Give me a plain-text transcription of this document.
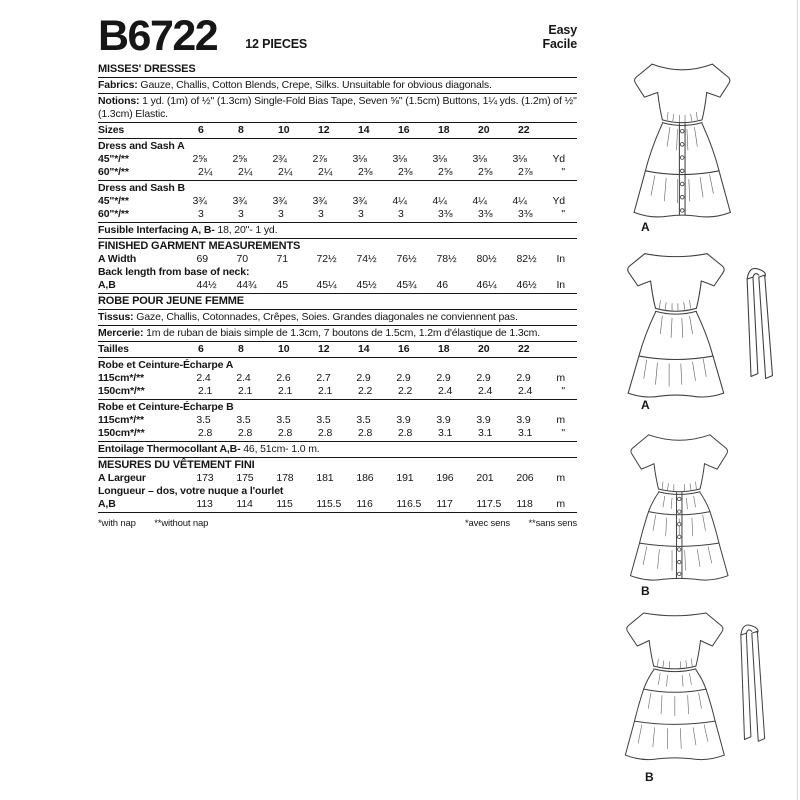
B6722 12 PIECES
Easy
Facile
MISSES' DRESSES
Fabrics: Gauze, Challis, Cotton Blends, Crepe, Silks. Unsuitable for obvious diagonals.
Notions: 1 yd. (1m) of ½" (1.3cm) Single-Fold Bias Tape, Seven ⅝" (1.5cm) Buttons, 1¼ yds. (1.2m) of ½" (1.3cm) Elastic.
Sizes	6	8	10	12	14	16	18	20	22
Dress and Sash A
45"*/**	2⅝	2⅝	2¾	2⅞	3⅛	3⅛	3⅛	3⅛	3⅛	Yd
60"*/**	2¼	2¼	2¼	2¼	2⅜	2⅜	2⅝	2⅝	2⅞	"
Dress and Sash B
45"*/**	3¾	3¾	3¾	3¾	3¾	4¼	4¼	4¼	4¼	Yd
60"*/**	3	3	3	3	3	3	3⅜	3⅜	3⅜	"
Fusible Interfacing A, B- 18, 20"- 1 yd.
FINISHED GARMENT MEASUREMENTS
A Width	69	70	71	72½	74½	76½	78½	80½	82½	In
Back length from base of neck:
A,B	44½	44¾	45	45¼	45½	45¾	46	46¼	46½	In
ROBE POUR JEUNE FEMME
Tissus: Gaze, Challis, Cotonnades, Crêpes, Soies. Grandes diagonales ne conviennent pas.
Mercerie: 1m de ruban de biais simple de 1.3cm, 7 boutons de 1.5cm, 1.2m d'élastique de 1.3cm.
Tailles	6	8	10	12	14	16	18	20	22
Robe et Ceinture-Écharpe A
115cm*/**	2.4	2.4	2.6	2.7	2.9	2.9	2.9	2.9	2.9	m
150cm*/**	2.1	2.1	2.1	2.1	2.2	2.2	2.4	2.4	2.4	"
Robe et Ceinture-Écharpe B
115cm*/**	3.5	3.5	3.5	3.5	3.5	3.9	3.9	3.9	3.9	m
150cm*/**	2.8	2.8	2.8	2.8	2.8	2.8	3.1	3.1	3.1	"
Entoilage Thermocollant A,B- 46, 51cm- 1.0 m.
MESURES DU VÊTEMENT FINI
A Largeur	173	175	178	181	186	191	196	201	206	m
Longueur – dos, votre nuque a l'ourlet
A,B	113	114	115	115.5	116	116.5	117	117.5	118	m
*with nap **without nap	*avec sens **sans sens
A
A
B
B
